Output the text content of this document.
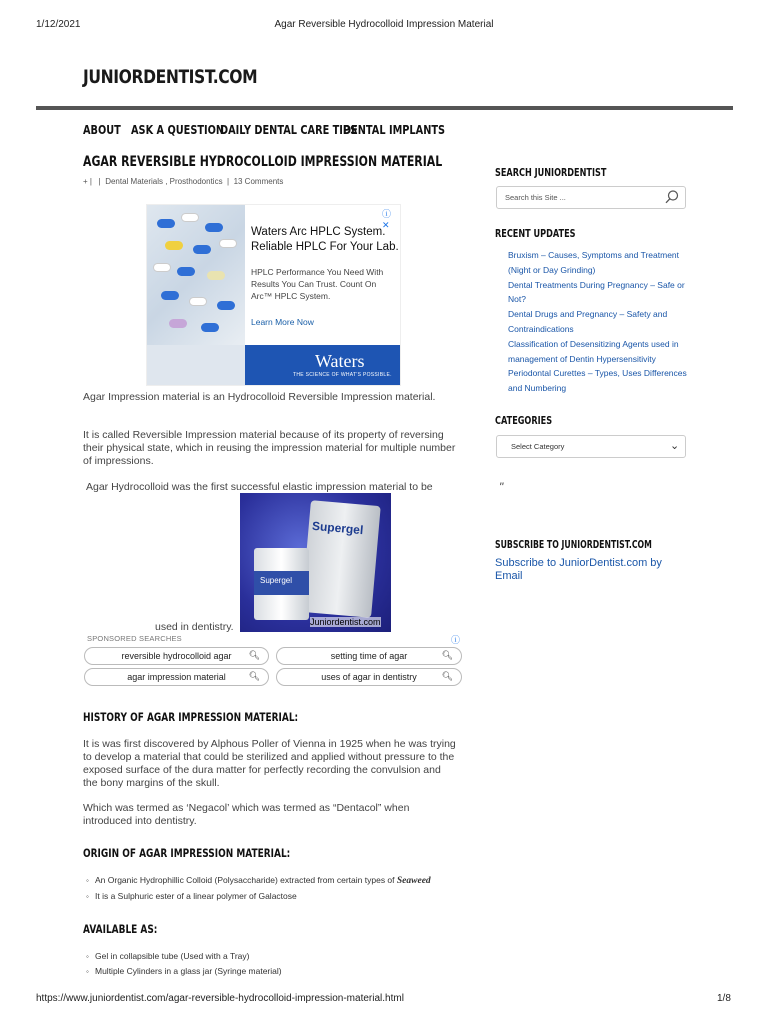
1/12/2021	Agar Reversible Hydrocolloid Impression Material
JUNIORDENTIST.COM
ABOUT ASK A QUESTION
DAILY DENTAL CARE TIPS
DENTAL IMPLANTS
AGAR REVERSIBLE HYDROCOLLOID IMPRESSION MATERIAL
+ | | Dental Materials , Prosthodontics | 13 Comments
ⓘ ✕
Waters Arc HPLC System. Reliable HPLC For Your Lab.
HPLC Performance You Need With Results You Can Trust. Count On Arc™ HPLC System.
Learn More Now
Waters
THE SCIENCE OF WHAT'S POSSIBLE.
Agar Impression material is an Hydrocolloid Reversible Impression material.
It is called Reversible Impression material because of its property of reversing their physical state, which in reusing the impression material for multiple number of impressions.
Agar Hydrocolloid was the first successful elastic impression material to be
Supergel
Supergel
Juniordentist.com
used in dentistry.
SPONSORED SEARCHES	ⓘ
reversible hydrocolloid agar 🔍︎	setting time of agar	🔍︎
agar impression material	🔍︎	uses of agar in dentistry	🔍︎
HISTORY OF AGAR IMPRESSION MATERIAL:
It is was first discovered by Alphous Poller of Vienna in 1925 when he was trying to develop a material that could be sterilized and applied without pressure to the exposed surface of the dura matter for perfectly recording the convulsion and the bony margins of the skull.
Which was termed as ‘Negacol’ which was termed as “Dentacol” when introduced into dentistry.
ORIGIN OF AGAR IMPRESSION MATERIAL:
◦ An Organic Hydrophillic Colloid (Polysaccharide) extracted from certain types of Seaweed
◦ It is a Sulphuric ester of a linear polymer of Galactose
AVAILABLE AS:
◦ Gel in collapsible tube (Used with a Tray)
◦ Multiple Cylinders in a glass jar (Syringe material)
SEARCH JUNIORDENTIST
Search this Site ...
RECENT UPDATES
Bruxism – Causes, Symptoms and Treatment (Night or Day Grinding)
Dental Treatments During Pregnancy – Safe or Not?
Dental Drugs and Pregnancy – Safety and Contraindications
Classification of Desensitizing Agents used in management of Dentin Hypersensitivity
Periodontal Curettes – Types, Uses Differences and Numbering
CATEGORIES
Select Category	⌄
"
SUBSCRIBE TO JUNIORDENTIST.COM
Subscribe to JuniorDentist.com by Email
https://www.juniordentist.com/agar-reversible-hydrocolloid-impression-material.html	1/8
